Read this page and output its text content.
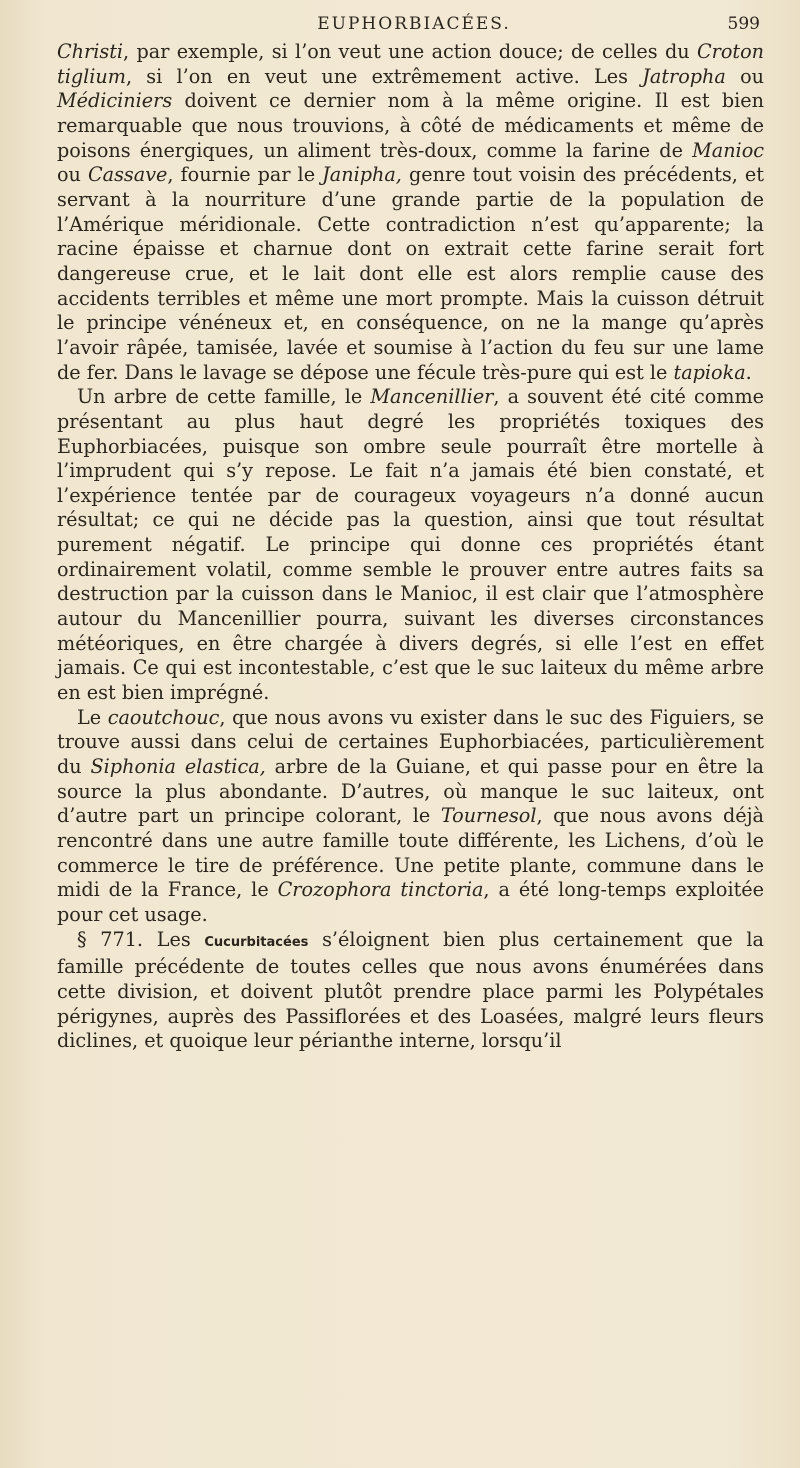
EUPHORBIACÉES.	599

Christi, par exemple, si l’on veut une action douce; de celles du Croton tiglium, si l’on en veut une extrêmement active. Les Jatropha ou Médiciniers doivent ce dernier nom à la même origine. Il est bien remarquable que nous trouvions, à côté de médicaments et même de poisons énergiques, un aliment très-doux, comme la farine de Manioc ou Cassave, fournie par le Janipha, genre tout voisin des précédents, et servant à la nourriture d’une grande partie de la population de l’Amérique méridionale. Cette contradiction n’est qu’apparente; la racine épaisse et charnue dont on extrait cette farine serait fort dangereuse crue, et le lait dont elle est alors remplie cause des accidents terribles et même une mort prompte. Mais la cuisson détruit le principe vénéneux et, en conséquence, on ne la mange qu’après l’avoir râpée, tamisée, lavée et soumise à l’action du feu sur une lame de fer. Dans le lavage se dépose une fécule très-pure qui est le tapioka.

Un arbre de cette famille, le Mancenillier, a souvent été cité comme présentant au plus haut degré les propriétés toxiques des Euphorbiacées, puisque son ombre seule pourraît être mortelle à l’imprudent qui s’y repose. Le fait n’a jamais été bien constaté, et l’expérience tentée par de courageux voyageurs n’a donné aucun résultat; ce qui ne décide pas la question, ainsi que tout résultat purement négatif. Le principe qui donne ces propriétés étant ordinairement volatil, comme semble le prouver entre autres faits sa destruction par la cuisson dans le Manioc, il est clair que l’atmosphère autour du Mancenillier pourra, suivant les diverses circonstances météoriques, en être chargée à divers degrés, si elle l’est en effet jamais. Ce qui est incontestable, c’est que le suc laiteux du même arbre en est bien imprégné.

Le caoutchouc, que nous avons vu exister dans le suc des Figuiers, se trouve aussi dans celui de certaines Euphorbiacées, particulièrement du Siphonia elastica, arbre de la Guiane, et qui passe pour en être la source la plus abondante. D’autres, où manque le suc laiteux, ont d’autre part un principe colorant, le Tournesol, que nous avons déjà rencontré dans une autre famille toute différente, les Lichens, d’où le commerce le tire de préférence. Une petite plante, commune dans le midi de la France, le Crozophora tinctoria, a été long-temps exploitée pour cet usage.

§ 771. Les Cucurbitacées s’éloignent bien plus certainement que la famille précédente de toutes celles que nous avons énumérées dans cette division, et doivent plutôt prendre place parmi les Polypétales périgynes, auprès des Passiflorées et des Loasées, malgré leurs fleurs diclines, et quoique leur périanthe interne, lorsqu’il
